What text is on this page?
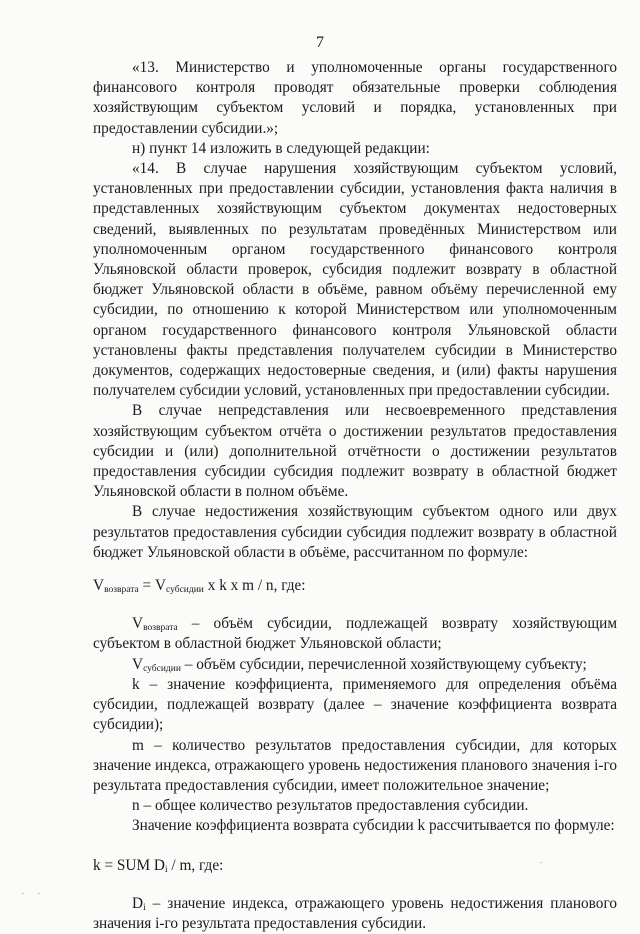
7

«13. Министерство и уполномоченные органы государственного финансового контроля проводят обязательные проверки соблюдения хозяйствующим субъектом условий и порядка, установленных при предоставлении субсидии.»;

н) пункт 14 изложить в следующей редакции:

«14. В случае нарушения хозяйствующим субъектом условий, установленных при предоставлении субсидии, установления факта наличия в представленных хозяйствующим субъектом документах недостоверных сведений, выявленных по результатам проведённых Министерством или уполномоченным органом государственного финансового контроля Ульяновской области проверок, субсидия подлежит возврату в областной бюджет Ульяновской области в объёме, равном объёму перечисленной ему субсидии, по отношению к которой Министерством или уполномоченным органом государственного финансового контроля Ульяновской области установлены факты представления получателем субсидии в Министерство документов, содержащих недостоверные сведения, и (или) факты нарушения получателем субсидии условий, установленных при предоставлении субсидии.

В случае непредставления или несвоевременного представления хозяйствующим субъектом отчёта о достижении результатов предоставления субсидии и (или) дополнительной отчётности о достижении результатов предоставления субсидии субсидия подлежит возврату в областной бюджет Ульяновской области в полном объёме.

В случае недостижения хозяйствующим субъектом одного или двух результатов предоставления субсидии субсидия подлежит возврату в областной бюджет Ульяновской области в объёме, рассчитанном по формуле:

$V_{возврата} = V_{субсидии}$ x k x m / n, где:

$V_{возврата}$ – объём субсидии, подлежащей возврату хозяйствующим субъектом в областной бюджет Ульяновской области;

$V_{субсидии}$ – объём субсидии, перечисленной хозяйствующему субъекту;

k – значение коэффициента, применяемого для определения объёма субсидии, подлежащей возврату (далее – значение коэффициента возврата субсидии);

m – количество результатов предоставления субсидии, для которых значение индекса, отражающего уровень недостижения планового значения i-го результата предоставления субсидии, имеет положительное значение;

n – общее количество результатов предоставления субсидии.

Значение коэффициента возврата субсидии k рассчитывается по формуле:

k = SUM $D_i$ / m, где:

$D_i$ – значение индекса, отражающего уровень недостижения планового значения i-го результата предоставления субсидии.
